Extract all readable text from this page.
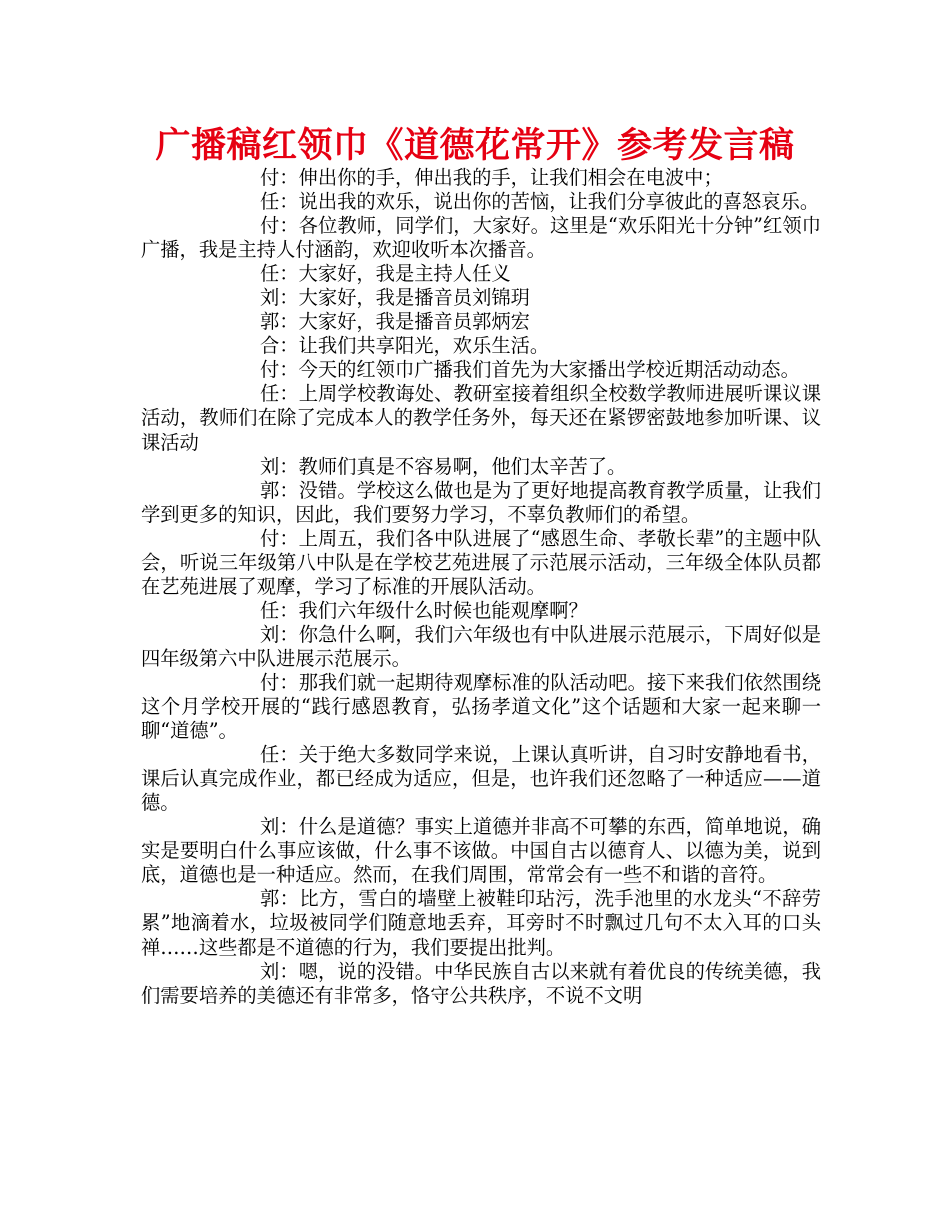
广播稿红领巾《道德花常开》参考发言稿

付：伸出你的手，伸出我的手，让我们相会在电波中；

任：说出我的欢乐，说出你的苦恼，让我们分享彼此的喜怒哀乐。

付：各位教师，同学们，大家好。这里是“欢乐阳光十分钟”红领巾广播，我是主持人付涵韵，欢迎收听本次播音。

任：大家好，我是主持人任义

刘：大家好，我是播音员刘锦玥

郭：大家好，我是播音员郭炳宏

合：让我们共享阳光，欢乐生活。

付：今天的红领巾广播我们首先为大家播出学校近期活动动态。

任：上周学校教诲处、教研室接着组织全校数学教师进展听课议课活动，教师们在除了完成本人的教学任务外，每天还在紧锣密鼓地参加听课、议课活动

刘：教师们真是不容易啊，他们太辛苦了。

郭：没错。学校这么做也是为了更好地提高教育教学质量，让我们学到更多的知识，因此，我们要努力学习，不辜负教师们的希望。

付：上周五，我们各中队进展了“感恩生命、孝敬长辈”的主题中队会，听说三年级第八中队是在学校艺苑进展了示范展示活动，三年级全体队员都在艺苑进展了观摩，学习了标准的开展队活动。

任：我们六年级什么时候也能观摩啊？

刘：你急什么啊，我们六年级也有中队进展示范展示，下周好似是四年级第六中队进展示范展示。

付：那我们就一起期待观摩标准的队活动吧。接下来我们依然围绕这个月学校开展的“践行感恩教育，弘扬孝道文化”这个话题和大家一起来聊一聊“道德”。

任：关于绝大多数同学来说，上课认真听讲，自习时安静地看书，课后认真完成作业，都已经成为适应，但是，也许我们还忽略了一种适应——道德。

刘：什么是道德？事实上道德并非高不可攀的东西，简单地说，确实是要明白什么事应该做，什么事不该做。中国自古以德育人、以德为美，说到底，道德也是一种适应。然而，在我们周围，常常会有一些不和谐的音符。

郭：比方，雪白的墙壁上被鞋印玷污，洗手池里的水龙头“不辞劳累”地滴着水，垃圾被同学们随意地丢弃，耳旁时不时飘过几句不太入耳的口头禅……这些都是不道德的行为，我们要提出批判。

刘：嗯，说的没错。中华民族自古以来就有着优良的传统美德，我们需要培养的美德还有非常多，恪守公共秩序，不说不文明
